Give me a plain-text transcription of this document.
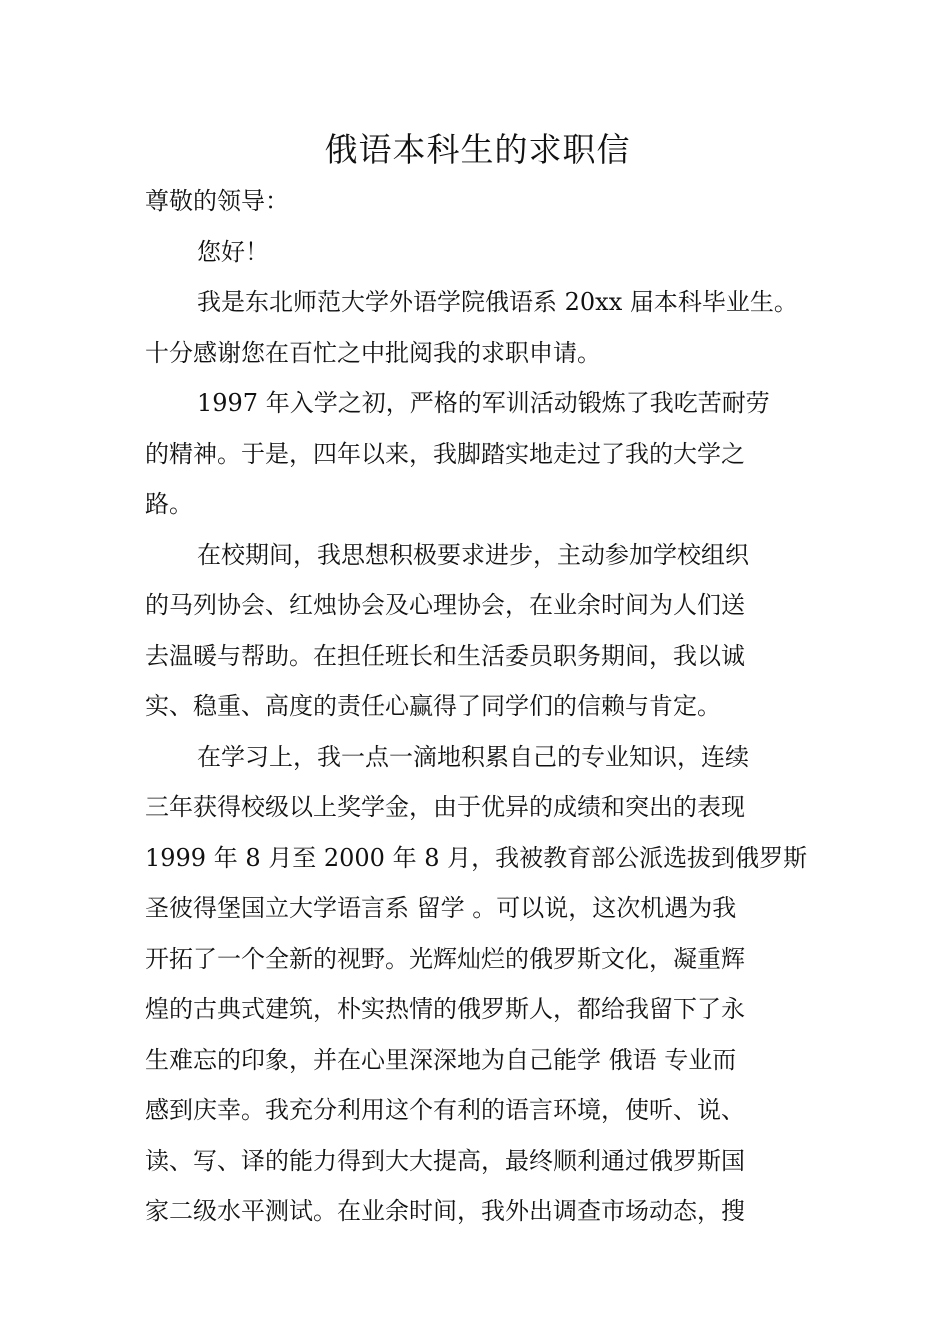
俄语本科生的求职信

尊敬的领导：

您好！

我是东北师范大学外语学院俄语系 20xx 届本科毕业生。

十分感谢您在百忙之中批阅我的求职申请。

1997 年入学之初，严格的军训活动锻炼了我吃苦耐劳

的精神。于是，四年以来，我脚踏实地走过了我的大学之

路。

在校期间，我思想积极要求进步，主动参加学校组织

的马列协会、红烛协会及心理协会，在业余时间为人们送

去温暖与帮助。在担任班长和生活委员职务期间，我以诚

实、稳重、高度的责任心赢得了同学们的信赖与肯定。

在学习上，我一点一滴地积累自己的专业知识，连续

三年获得校级以上奖学金，由于优异的成绩和突出的表现

1999 年 8 月至 2000 年 8 月，我被教育部公派选拔到俄罗斯

圣彼得堡国立大学语言系 留学 。可以说，这次机遇为我

开拓了一个全新的视野。光辉灿烂的俄罗斯文化，凝重辉

煌的古典式建筑，朴实热情的俄罗斯人，都给我留下了永

生难忘的印象，并在心里深深地为自己能学 俄语 专业而

感到庆幸。我充分利用这个有利的语言环境，使听、说、

读、写、译的能力得到大大提高，最终顺利通过俄罗斯国

家二级水平测试。在业余时间，我外出调查市场动态，搜
